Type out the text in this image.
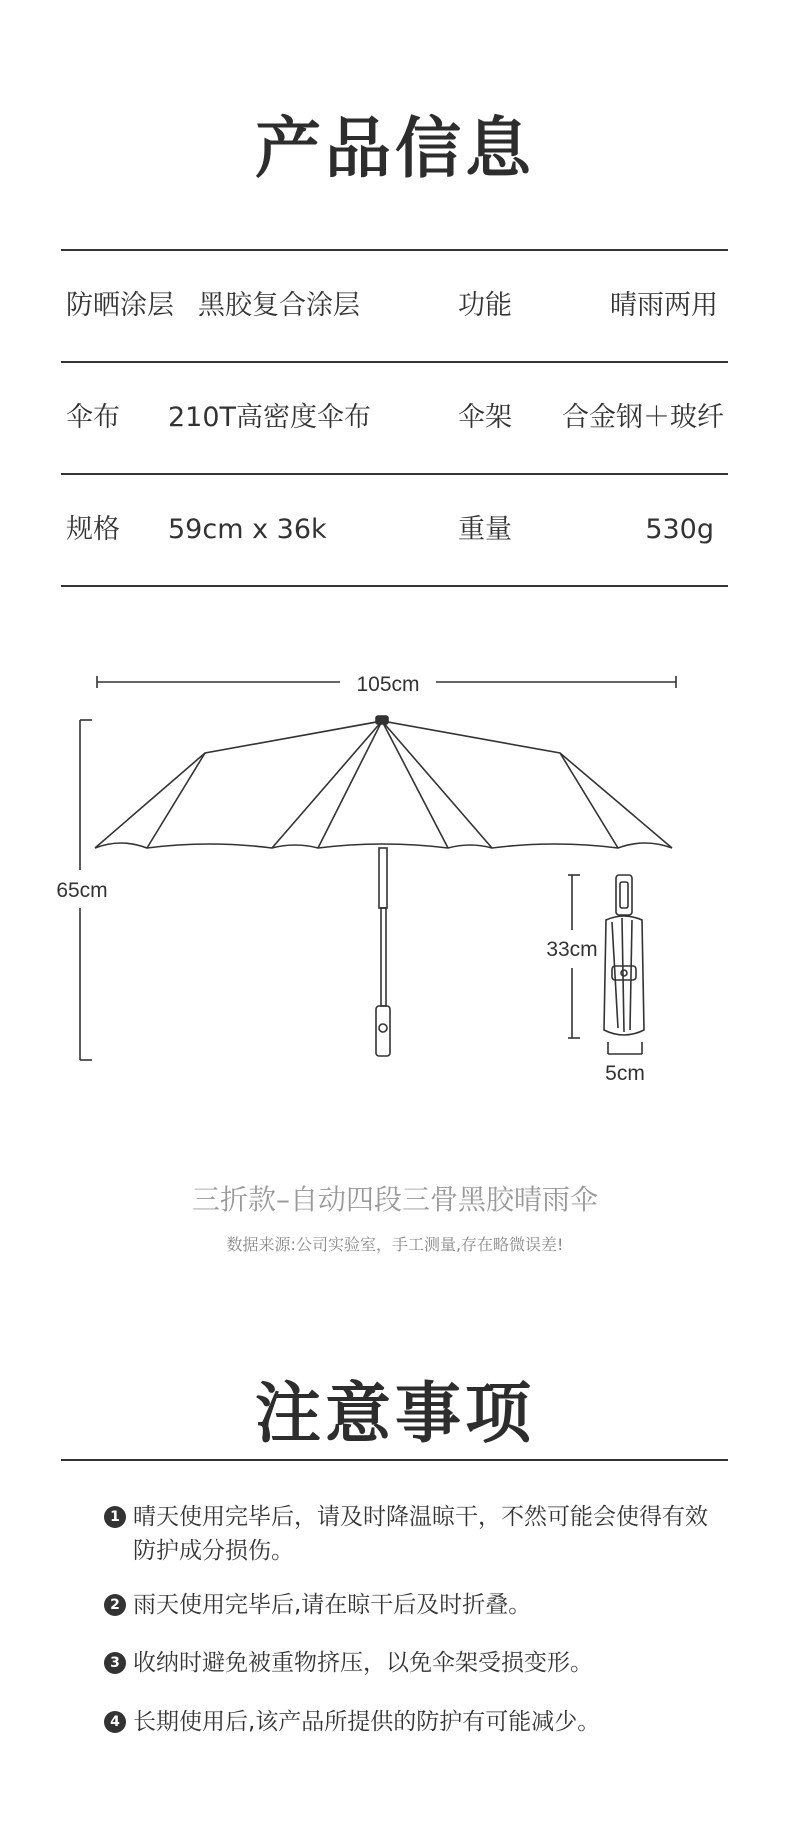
产品信息
防晒涂层 黑胶复合涂层	功能	晴雨两用
伞布 210T高密度伞布	伞架 合金钢＋玻纤
规格 59cm x 36k	重量	530g
105cm
65cm
33cm
5cm
三折款–自动四段三骨黑胶晴雨伞
数据来源:公司实验室，手工测量,存在略微误差!
注意事项
1 晴天使用完毕后，请及时降温晾干，不然可能会使得有效防护成分损伤。
2 雨天使用完毕后,请在晾干后及时折叠。
3 收纳时避免被重物挤压，以免伞架受损变形。
4 长期使用后,该产品所提供的防护有可能减少。
